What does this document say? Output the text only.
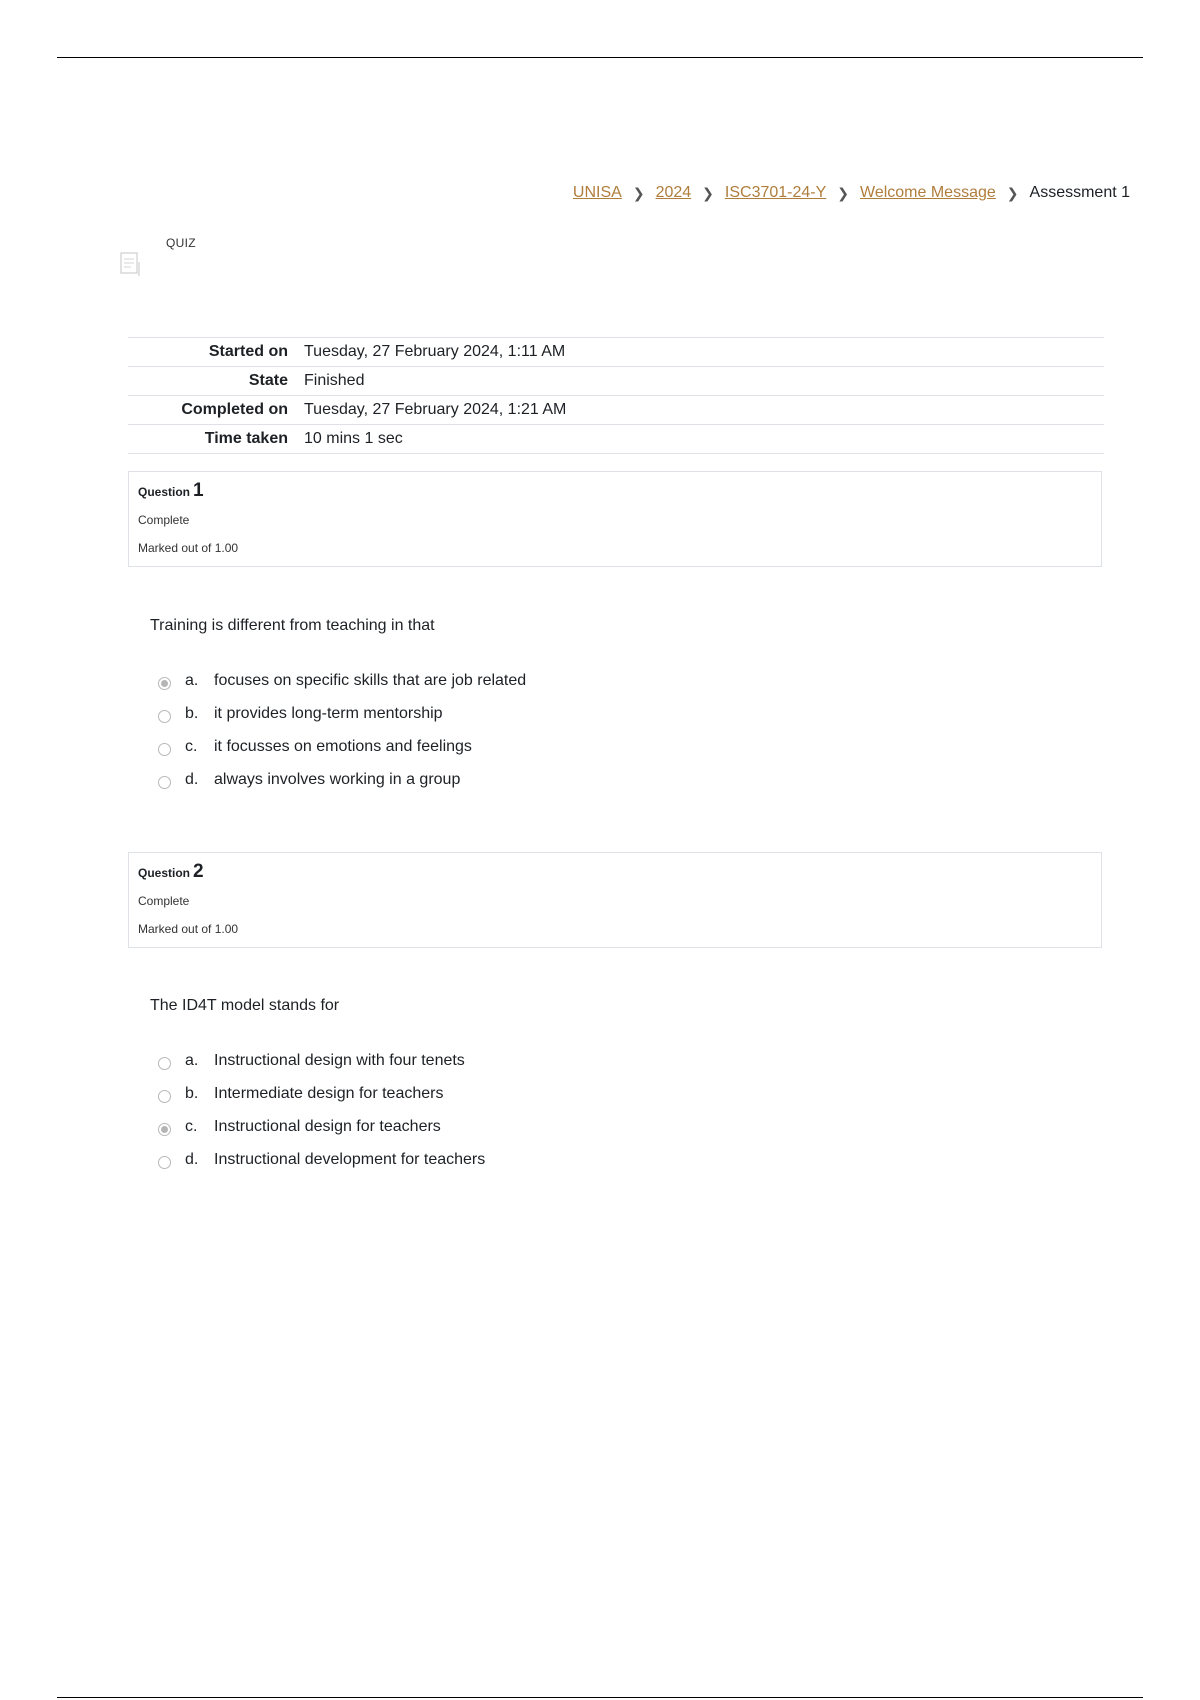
UNISA ❯ 2024 ❯ ISC3701-24-Y ❯ Welcome Message ❯ Assessment 1
QUIZ
Started on	Tuesday, 27 February 2024, 1:11 AM
State	Finished
Completed on	Tuesday, 27 February 2024, 1:21 AM
Time taken	10 mins 1 sec
Question 1
Complete
Marked out of 1.00
Training is different from teaching in that
a. focuses on specific skills that are job related
b. it provides long-term mentorship
c. it focusses on emotions and feelings
d. always involves working in a group
Question 2
Complete
Marked out of 1.00
The ID4T model stands for
a. Instructional design with four tenets
b. Intermediate design for teachers
c. Instructional design for teachers
d. Instructional development for teachers
